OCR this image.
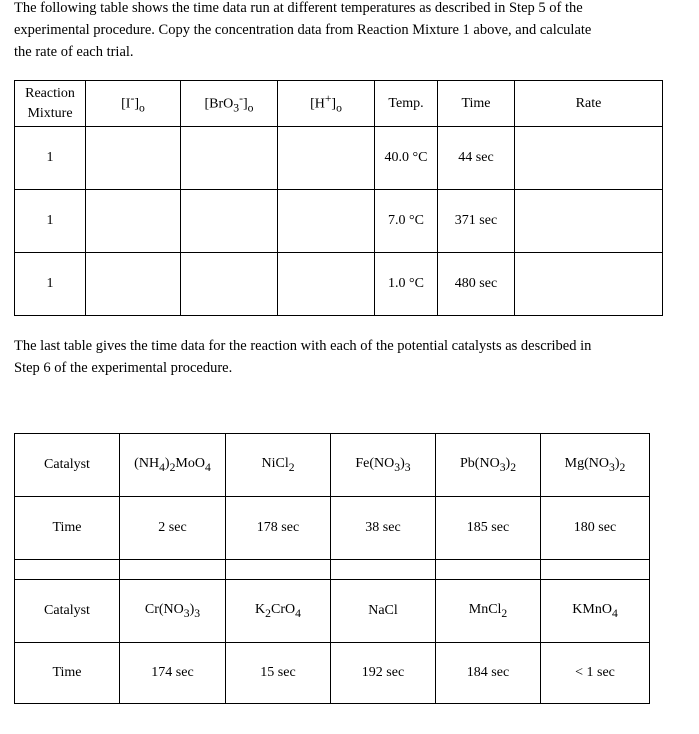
The following table shows the time data run at different temperatures as described in Step 5 of the experimental procedure. Copy the concentration data from Reaction Mixture 1 above, and calculate the rate of each trial.

Reaction
Mixture	$[I^-]_o$	$[BrO_3^-]_o$	$[H^+]_o$	Temp.	Time	Rate
1				40.0 °C	44 sec	
1				7.0 °C	371 sec	
1				1.0 °C	480 sec	

The last table gives the time data for the reaction with each of the potential catalysts as described in Step 6 of the experimental procedure.

Catalyst	$(NH_4)_2MoO_4$	NiCl$_2$	$Fe(NO_3)_3$	$Pb(NO_3)_2$	$Mg(NO_3)_2$
Time	2 sec	178 sec	38 sec	185 sec	180 sec

Catalyst	$Cr(NO_3)_3$	$K_2CrO_4$	NaCl	MnCl$_2$	KMnO$_4$
Time	174 sec	15 sec	192 sec	184 sec	< 1 sec
